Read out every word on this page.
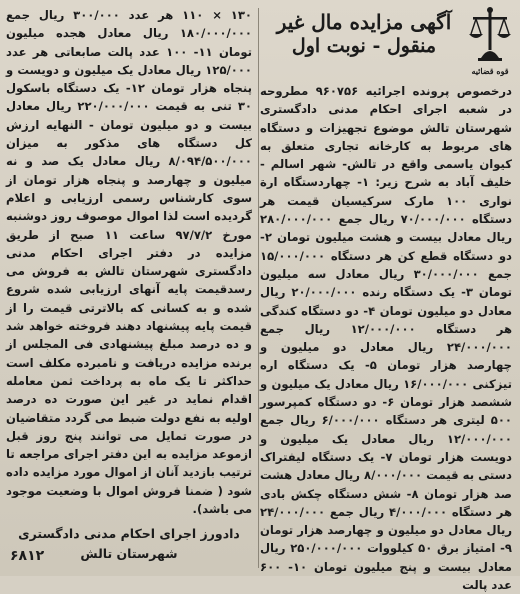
قوه قضائیه
آگهی مزایده مال غیر
منقول - نوبت اول

درخصوص پرونده اجرائیه ۹۶۰۷۵۶ مطروحه در شعبه اجرای احکام مدنی دادگستری شهرستان تالش موضوع تجهیزات و دستگاه های مربوط به کارخانه تجاری متعلق به کیوان یاسمی واقع در تالش- شهر اسالم - خلیف آباد به شرح زیر: ۱- چهاردستگاه ارة نواری ۱۰۰ مارک سرکیسیان قیمت هر دستگاه ۷۰/۰۰۰/۰۰۰ ریال جمع ۲۸۰/۰۰۰/۰۰۰ ریال معادل بیست و هشت میلیون تومان ۲- دو دستگاه قطع کن هر دستگاه ۱۵/۰۰۰/۰۰۰ جمع ۳۰/۰۰۰/۰۰۰ ریال معادل سه میلیون تومان ۳- یک دستگاه رنده ۲۰/۰۰۰/۰۰۰ ریال معادل دو میلیون تومان ۴- دو دستگاه کندگی هر دستگاه ۱۲/۰۰۰/۰۰۰ ریال جمع ۲۴/۰۰۰/۰۰۰ ریال معادل دو میلیون و چهارصد هزار تومان ۵- یک دستگاه اره تیزکنی ۱۶/۰۰۰/۰۰۰ ریال معادل یک میلیون و ششصد هزار تومان ۶- دو دستگاه کمپرسور ۵۰۰ لیتری هر دستگاه ۶/۰۰۰/۰۰۰ ریال جمع ۱۲/۰۰۰/۰۰۰ ریال معادل یک میلیون و دویست هزار تومان ۷- یک دستگاه لیفتراک دستی به قیمت ۸/۰۰۰/۰۰۰ ریال معادل هشت صد هزار تومان ۸- شش دستگاه چکش بادی هر دستگاه ۴/۰۰۰/۰۰۰ ریال جمع ۲۴/۰۰۰/۰۰۰ ریال معادل دو میلیون و چهارصد هزار تومان ۹- امتیاز برق ۵۰ کیلووات ۲۵۰/۰۰۰/۰۰۰ ریال معادل بیست و پنج میلیون تومان ۱۰- ۶۰۰ عدد پالت

۱۳۰ × ۱۱۰ هر عدد ۳۰۰/۰۰۰ ریال جمع ۱۸۰/۰۰۰/۰۰۰ ریال معادل هجده میلیون تومان ۱۱- ۱۰۰ عدد پالت صابعاتی هر عدد ۱۲۵/۰۰۰ ریال معادل یک میلیون و دویست و پنجاه هزار تومان ۱۲- یک دستگاه باسکول ۳۰ تنی به قیمت ۲۲۰/۰۰۰/۰۰۰ ریال معادل بیست و دو میلیون تومان - النهایه ارزش کل دستگاه های مذکور به میزان ۸/۰۹۴/۵۰۰/۰۰۰ ریال معادل یک صد و نه میلیون و چهارصد و پنجاه هزار تومان از سوی کارشناس رسمی ارزیابی و اعلام گردیده است لذا اموال موصوف روز دوشنبه مورخ ۹۷/۷/۲ ساعت ۱۱ صبح از طریق مزایده در دفتر اجرای احکام مدنی دادگستری شهرستان تالش به فروش می رسدقیمت پایه آنهای ارزیابی شده شروع شده و به کسانی که بالاترتی قیمت را از قیمت پایه پیشنهاد دهند فروخته خواهد شد و ده درصد مبلغ پیشنهادی فی المجلس از برنده مزایده دریافت و نامبرده مکلف است حداکثر تا یک ماه به پرداخت ثمن معامله اقدام نماید در غیر این صورت ده درصد اولیه به نفع دولت ضبط می گردد متقاضیان در صورت تمایل می توانند پنج روز قبل ازموعد مزایده به این دفتر اجرای مراجعه تا ترتیب بازدید آنان از اموال مورد مزایده داده شود ( ضمنا فروش اموال با وضعیت موجود می باشد).

دادورز اجرای احکام مدنی دادگستری
شهرستان تالش
۶۸۱۲
